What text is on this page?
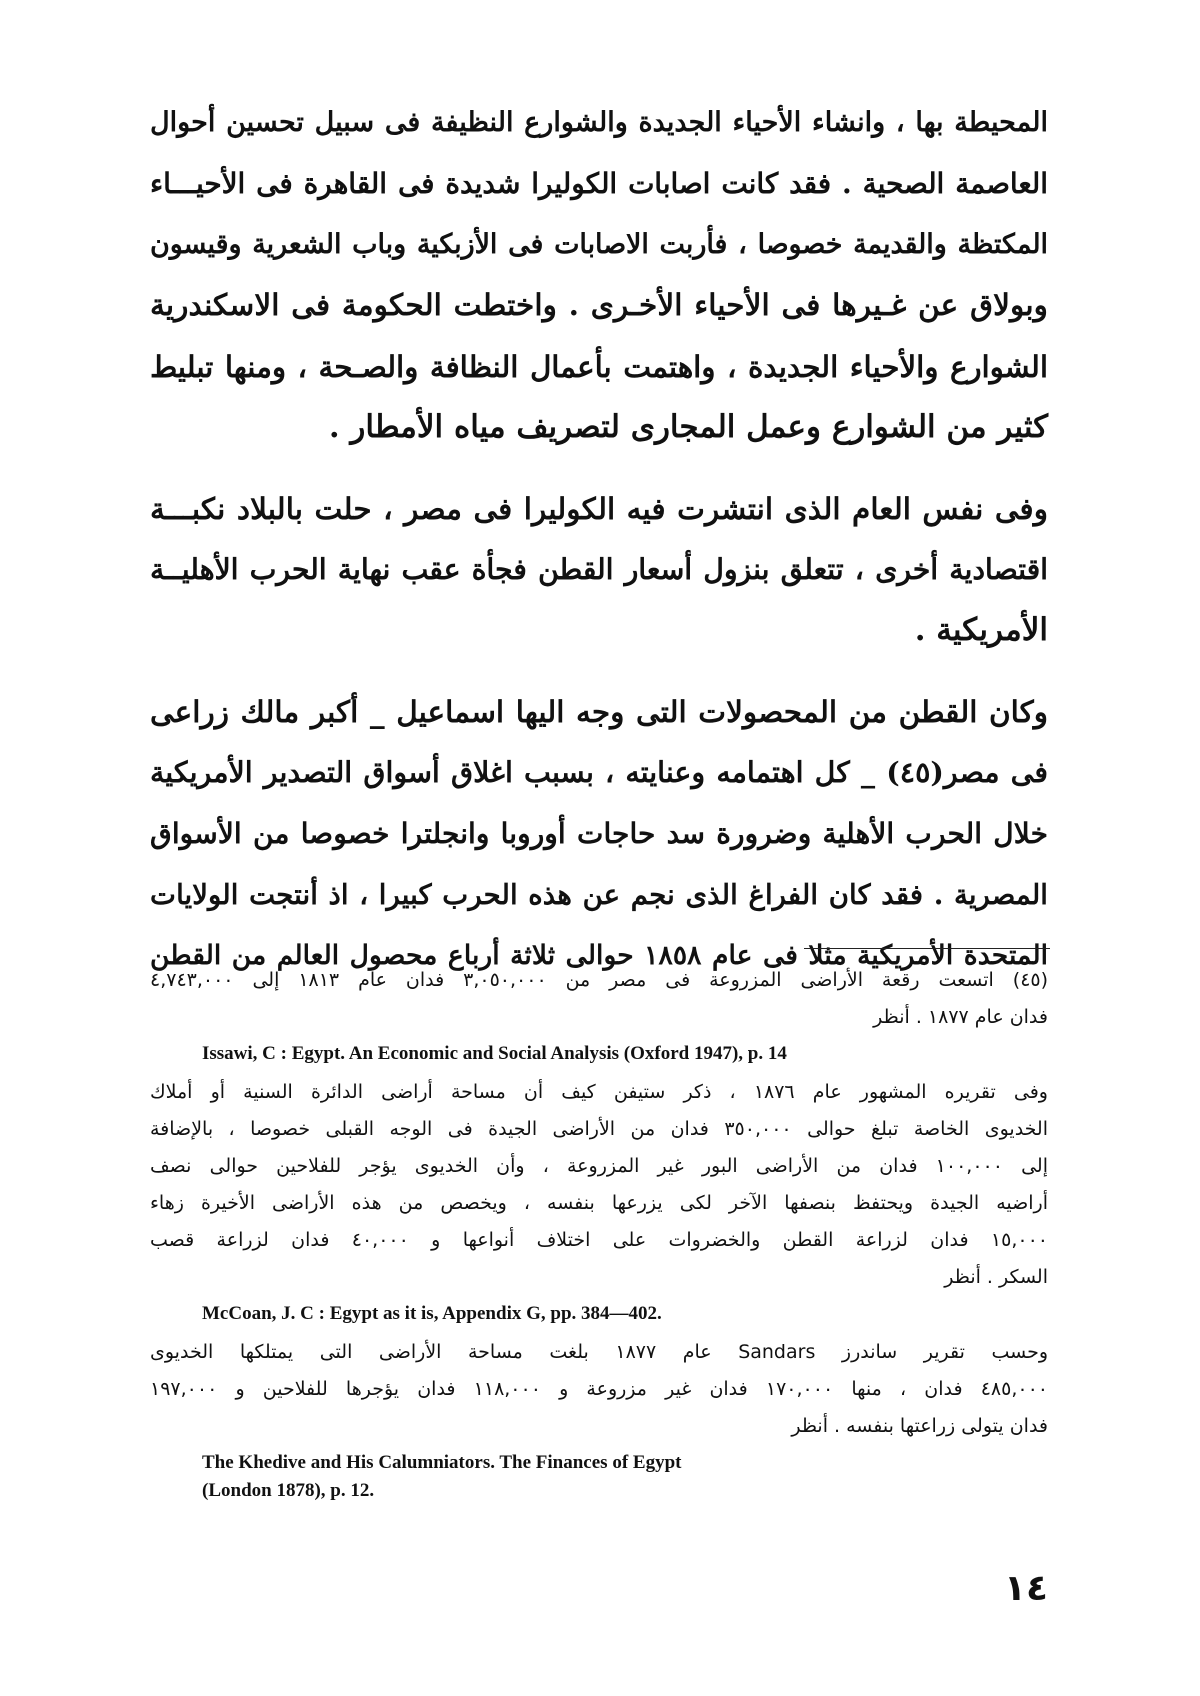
المحيطة بها ، وانشاء الأحياء الجديدة والشوارع النظيفة فى سبيل تحسين أحوال
العاصمة الصحية . فقد كانت اصابات الكوليرا شديدة فى القاهرة فى الأحيـــاء
المكتظة والقديمة خصوصا ، فأربت الاصابات فى الأزبكية وباب الشعرية وقيسون
وبولاق عن غـيرها فى الأحياء الأخـرى . واختطت الحكومة فى الاسكندرية
الشوارع والأحياء الجديدة ، واهتمت بأعمال النظافة والصـحة ، ومنها تبليط
كثير من الشوارع وعمل المجارى لتصريف مياه الأمطار .

وفى نفس العام الذى انتشرت فيه الكوليرا فى مصر ، حلت بالبلاد نكبـــة
اقتصادية أخرى ، تتعلق بنزول أسعار القطن فجأة عقب نهاية الحرب الأهليــة
الأمريكية .

وكان القطن من المحصولات التى وجه اليها اسماعيل _ أكبر مالك زراعى
فى مصر(٤٥) _ كل اهتمامه وعنايته ، بسبب اغلاق أسواق التصدير الأمريكية
خلال الحرب الأهلية وضرورة سد حاجات أوروبا وانجلترا خصوصا من الأسواق
المصرية . فقد كان الفراغ الذى نجم عن هذه الحرب كبيرا ، اذ أنتجت الولايات
المتحدة الأمريكية مثلا فى عام ١٨٥٨ حوالى ثلاثة أرباع محصول العالم من القطن

(٤٥) اتسعت رقعة الأراضى المزروعة فى مصر من ٣,٠٥٠,٠٠٠ فدان عام ١٨١٣ إلى ٤,٧٤٣,٠٠٠
فدان عام ١٨٧٧ . أنظر

Issawi, C : Egypt. An Economic and Social Analysis (Oxford 1947), p. 14

وفى تقريره المشهور عام ١٨٧٦ ، ذكر ستيفن كيف أن مساحة أراضى الدائرة السنية أو أملاك
الخديوى الخاصة تبلغ حوالى ٣٥٠,٠٠٠ فدان من الأراضى الجيدة فى الوجه القبلى خصوصا ، بالإضافة
إلى ١٠٠,٠٠٠ فدان من الأراضى البور غير المزروعة ، وأن الخديوى يؤجر للفلاحين حوالى نصف
أراضيه الجيدة ويحتفظ بنصفها الآخر لكى يزرعها بنفسه ، ويخصص من هذه الأراضى الأخيرة زهاء
١٥,٠٠٠ فدان لزراعة القطن والخضروات على اختلاف أنواعها و ٤٠,٠٠٠ فدان لزراعة قصب
السكر . أنظر

McCoan, J. C : Egypt as it is, Appendix G, pp. 384—402.

وحسب تقرير ساندرز Sandars عام ١٨٧٧ بلغت مساحة الأراضى التى يمتلكها الخديوى
٤٨٥,٠٠٠ فدان ، منها ١٧٠,٠٠٠ فدان غير مزروعة و ١١٨,٠٠٠ فدان يؤجرها للفلاحين و ١٩٧,٠٠٠
فدان يتولى زراعتها بنفسه . أنظر

The Khedive and His Calumniators. The Finances of Egypt
(London 1878), p. 12.

١٤
